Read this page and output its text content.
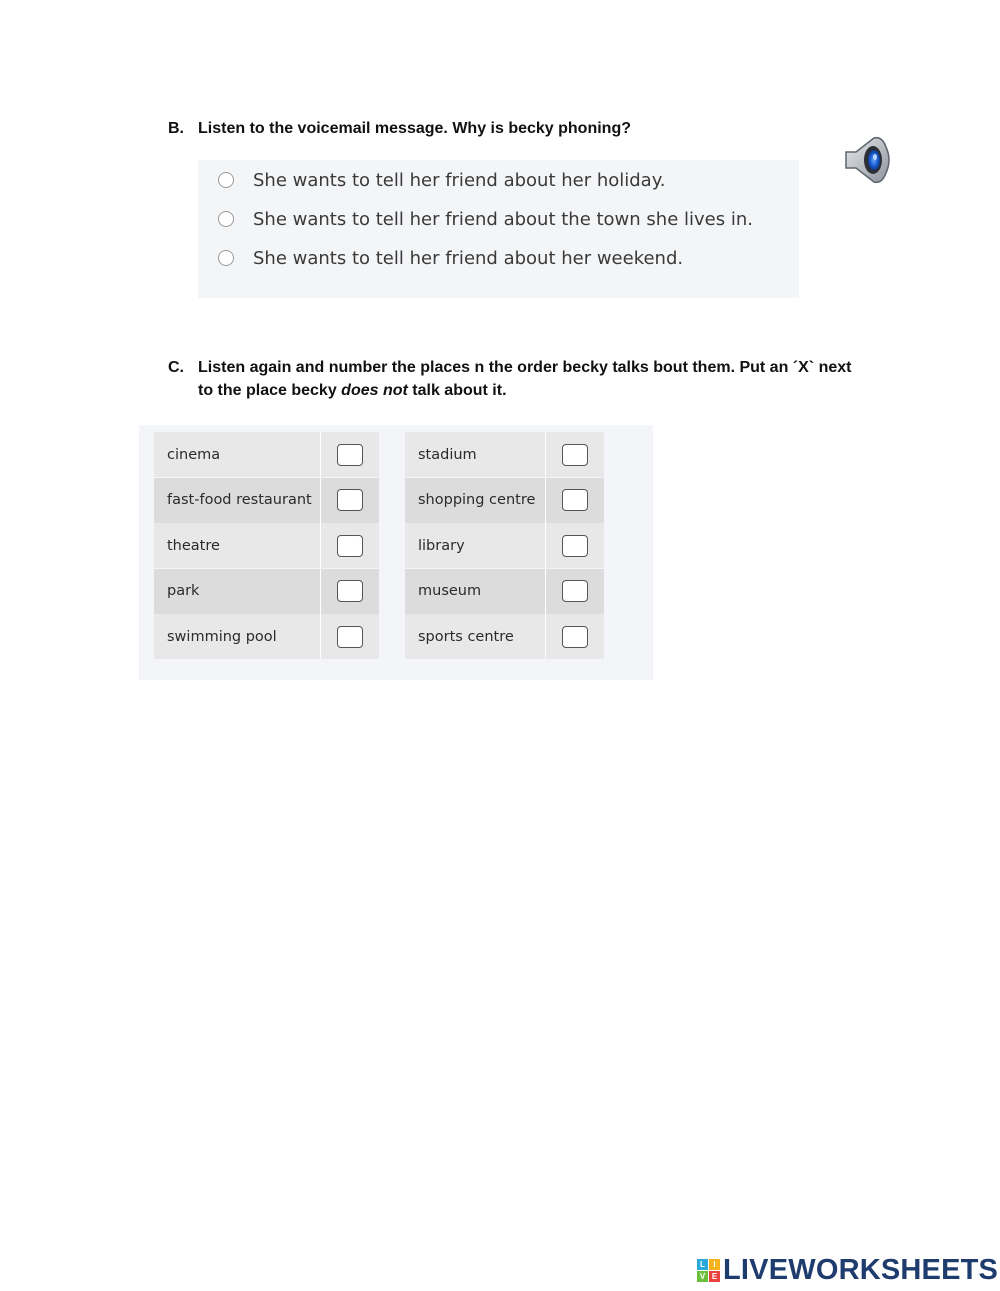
B. Listen to the voicemail message. Why is becky phoning?
She wants to tell her friend about her holiday.
She wants to tell her friend about the town she lives in.
She wants to tell her friend about her weekend.
C. Listen again and number the places n the order becky talks bout them. Put an ´X` next to the place becky does not talk about it.
cinema
fast-food restaurant
theatre
park
swimming pool
stadium
shopping centre
library
museum
sports centre
L	I
V E LIVEWORKSHEETS
